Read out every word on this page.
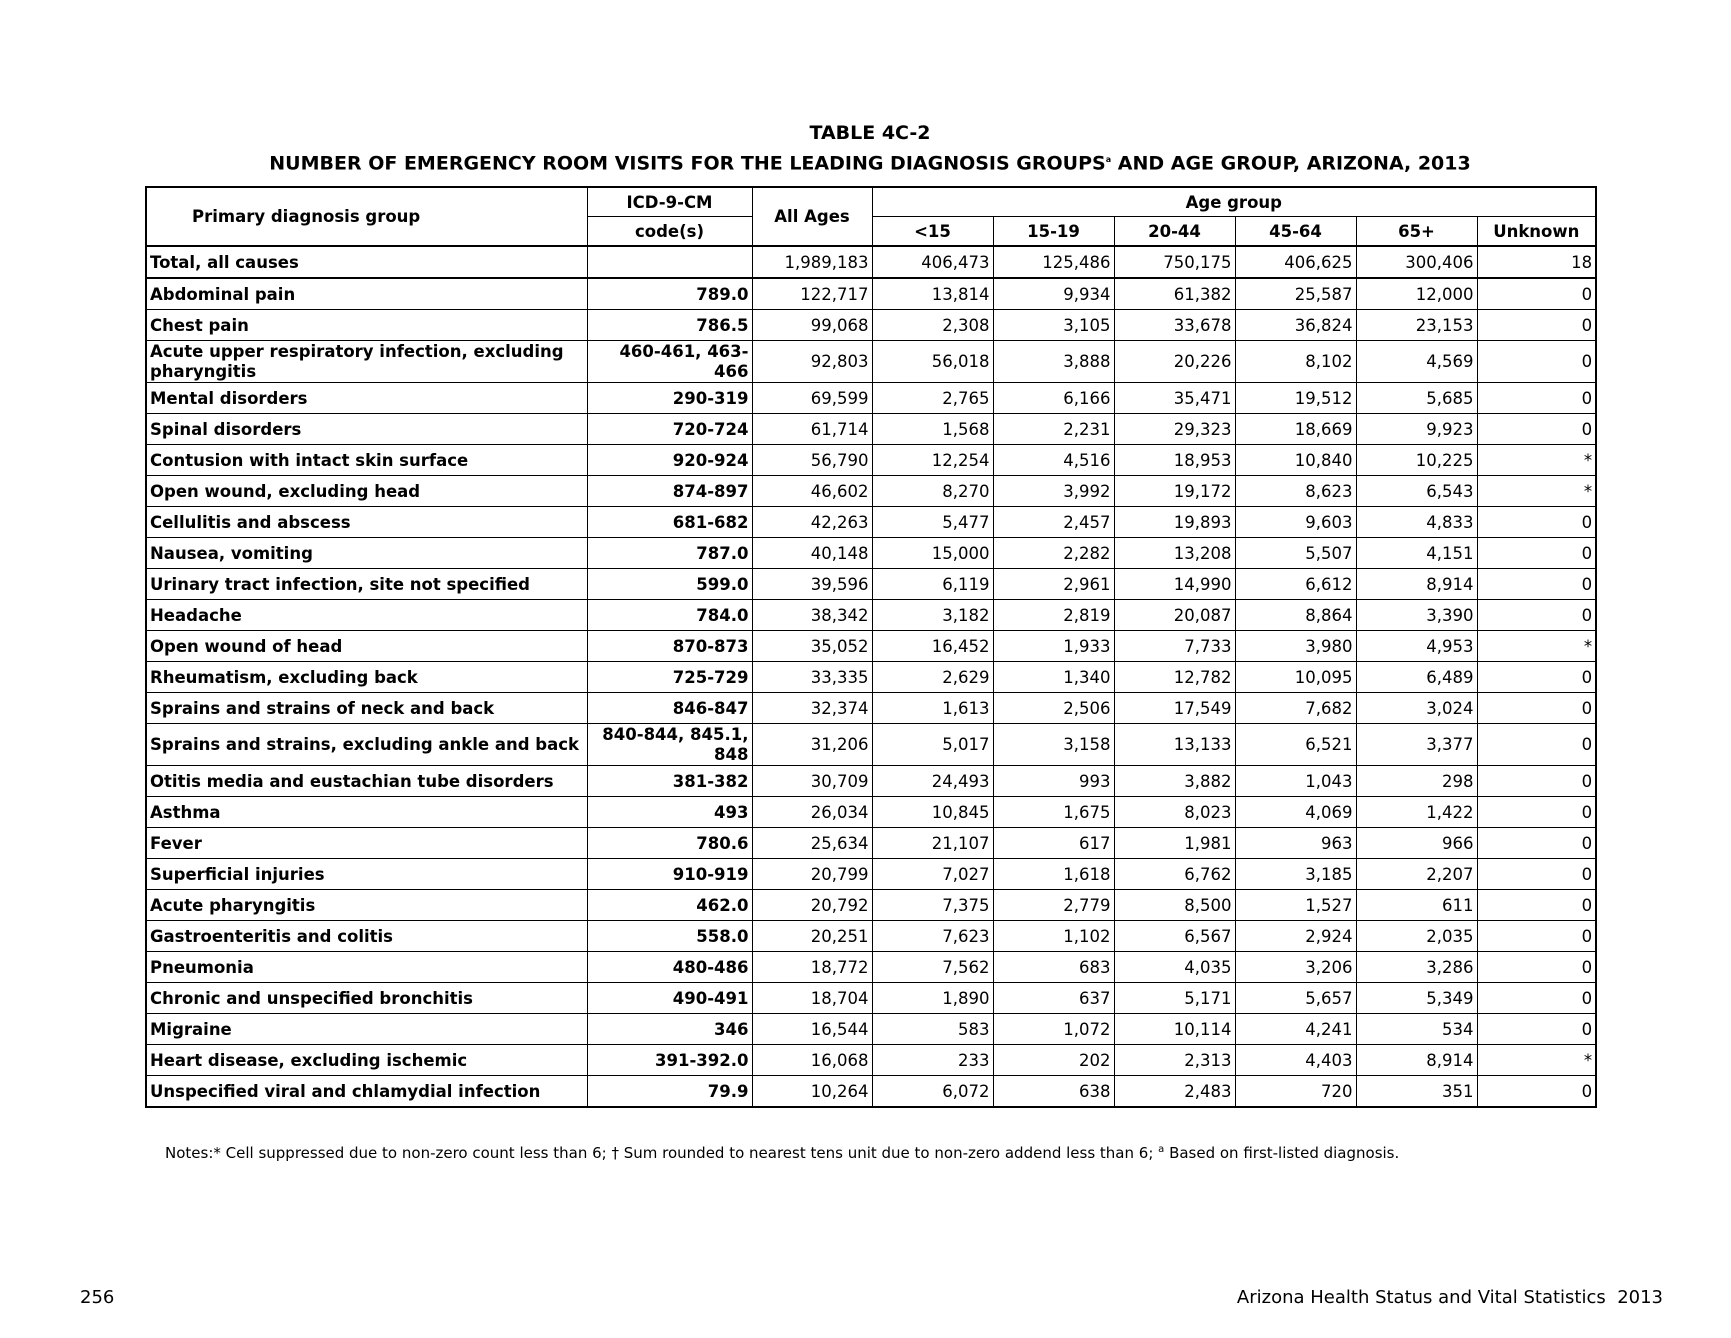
TABLE 4C-2
NUMBER OF EMERGENCY ROOM VISITS FOR THE LEADING DIAGNOSIS GROUPS$^a$ AND AGE GROUP, ARIZONA, 2013
Primary diagnosis group	ICD-9-CM	All Ages	Age group					
	code(s)		<15	15-19	20-44	45-64	65+	Unknown
Total, all causes		1,989,183	406,473	125,486	750,175	406,625	300,406	18
Abdominal pain	789.0	122,717	13,814	9,934	61,382	25,587	12,000	0
Chest pain	786.5	99,068	2,308	3,105	33,678	36,824	23,153	0
Acute upper respiratory infection, excluding pharyngitis	460-461, 463-466	92,803	56,018	3,888	20,226	8,102	4,569	0
Mental disorders	290-319	69,599	2,765	6,166	35,471	19,512	5,685	0
Spinal disorders	720-724	61,714	1,568	2,231	29,323	18,669	9,923	0
Contusion with intact skin surface	920-924	56,790	12,254	4,516	18,953	10,840	10,225	*
Open wound, excluding head	874-897	46,602	8,270	3,992	19,172	8,623	6,543	*
Cellulitis and abscess	681-682	42,263	5,477	2,457	19,893	9,603	4,833	0
Nausea, vomiting	787.0	40,148	15,000	2,282	13,208	5,507	4,151	0
Urinary tract infection, site not specified	599.0	39,596	6,119	2,961	14,990	6,612	8,914	0
Headache	784.0	38,342	3,182	2,819	20,087	8,864	3,390	0
Open wound of head	870-873	35,052	16,452	1,933	7,733	3,980	4,953	*
Rheumatism, excluding back	725-729	33,335	2,629	1,340	12,782	10,095	6,489	0
Sprains and strains of neck and back	846-847	32,374	1,613	2,506	17,549	7,682	3,024	0
Sprains and strains, excluding ankle and back	840-844, 845.1, 848	31,206	5,017	3,158	13,133	6,521	3,377	0
Otitis media and eustachian tube disorders	381-382	30,709	24,493	993	3,882	1,043	298	0
Asthma	493	26,034	10,845	1,675	8,023	4,069	1,422	0
Fever	780.6	25,634	21,107	617	1,981	963	966	0
Superficial injuries	910-919	20,799	7,027	1,618	6,762	3,185	2,207	0
Acute pharyngitis	462.0	20,792	7,375	2,779	8,500	1,527	611	0
Gastroenteritis and colitis	558.0	20,251	7,623	1,102	6,567	2,924	2,035	0
Pneumonia	480-486	18,772	7,562	683	4,035	3,206	3,286	0
Chronic and unspecified bronchitis	490-491	18,704	1,890	637	5,171	5,657	5,349	0
Migraine	346	16,544	583	1,072	10,114	4,241	534	0
Heart disease, excluding ischemic	391-392.0	16,068	233	202	2,313	4,403	8,914	*
Unspecified viral and chlamydial infection	79.9	10,264	6,072	638	2,483	720	351	0
Notes:* Cell suppressed due to non-zero count less than 6; † Sum rounded to nearest tens unit due to non-zero addend less than 6; $^a$ Based on first-listed diagnosis.
256	Arizona Health Status and Vital Statistics  2013
